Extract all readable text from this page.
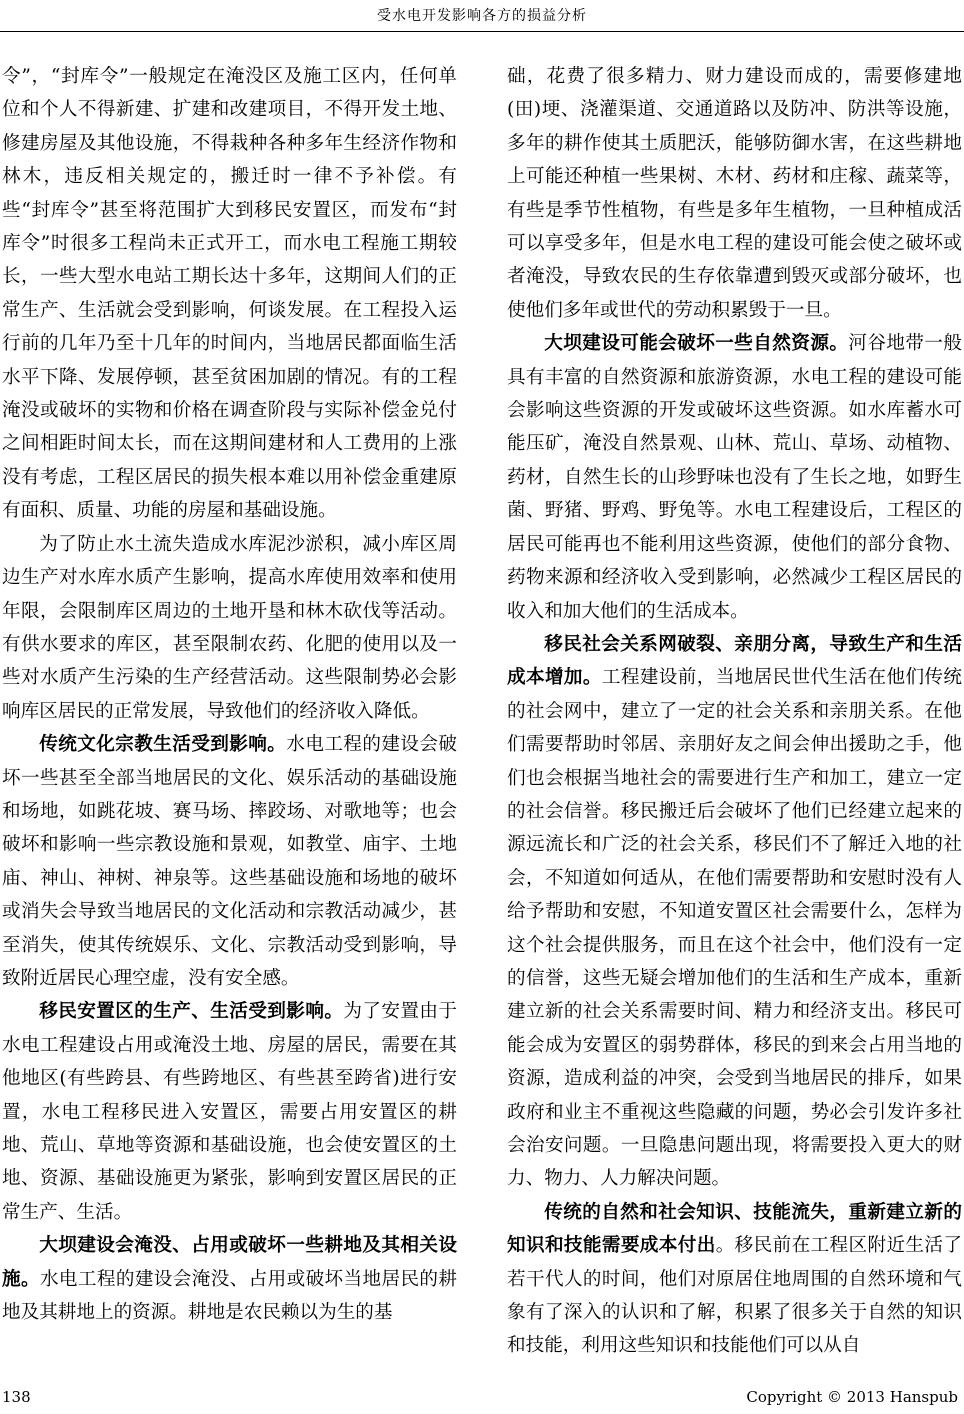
受水电开发影响各方的损益分析

令”，“封库令”一般规定在淹没区及施工区内，任何单位和个人不得新建、扩建和改建项目，不得开发土地、修建房屋及其他设施，不得栽种各种多年生经济作物和林木，违反相关规定的，搬迁时一律不予补偿。有些“封库令”甚至将范围扩大到移民安置区，而发布“封库令”时很多工程尚未正式开工，而水电工程施工期较长，一些大型水电站工期长达十多年，这期间人们的正常生产、生活就会受到影响，何谈发展。在工程投入运行前的几年乃至十几年的时间内，当地居民都面临生活水平下降、发展停顿，甚至贫困加剧的情况。有的工程淹没或破坏的实物和价格在调查阶段与实际补偿金兑付之间相距时间太长，而在这期间建材和人工费用的上涨没有考虑，工程区居民的损失根本难以用补偿金重建原有面积、质量、功能的房屋和基础设施。

为了防止水土流失造成水库泥沙淤积，减小库区周边生产对水库水质产生影响，提高水库使用效率和使用年限，会限制库区周边的土地开垦和林木砍伐等活动。有供水要求的库区，甚至限制农药、化肥的使用以及一些对水质产生污染的生产经营活动。这些限制势必会影响库区居民的正常发展，导致他们的经济收入降低。

传统文化宗教生活受到影响。水电工程的建设会破坏一些甚至全部当地居民的文化、娱乐活动的基础设施和场地，如跳花坡、赛马场、摔跤场、对歌地等；也会破坏和影响一些宗教设施和景观，如教堂、庙宇、土地庙、神山、神树、神泉等。这些基础设施和场地的破坏或消失会导致当地居民的文化活动和宗教活动减少，甚至消失，使其传统娱乐、文化、宗教活动受到影响，导致附近居民心理空虚，没有安全感。

移民安置区的生产、生活受到影响。为了安置由于水电工程建设占用或淹没土地、房屋的居民，需要在其他地区(有些跨县、有些跨地区、有些甚至跨省)进行安置，水电工程移民进入安置区，需要占用安置区的耕地、荒山、草地等资源和基础设施，也会使安置区的土地、资源、基础设施更为紧张，影响到安置区居民的正常生产、生活。

大坝建设会淹没、占用或破坏一些耕地及其相关设施。水电工程的建设会淹没、占用或破坏当地居民的耕地及其耕地上的资源。耕地是农民赖以为生的基

础，花费了很多精力、财力建设而成的，需要修建地(田)埂、浇灌渠道、交通道路以及防冲、防洪等设施，多年的耕作使其土质肥沃，能够防御水害，在这些耕地上可能还种植一些果树、木材、药材和庄稼、蔬菜等，有些是季节性植物，有些是多年生植物，一旦种植成活可以享受多年，但是水电工程的建设可能会使之破坏或者淹没，导致农民的生存依靠遭到毁灭或部分破坏，也使他们多年或世代的劳动积累毁于一旦。

大坝建设可能会破坏一些自然资源。河谷地带一般具有丰富的自然资源和旅游资源，水电工程的建设可能会影响这些资源的开发或破坏这些资源。如水库蓄水可能压矿，淹没自然景观、山林、荒山、草场、动植物、药材，自然生长的山珍野味也没有了生长之地，如野生菌、野猪、野鸡、野兔等。水电工程建设后，工程区的居民可能再也不能利用这些资源，使他们的部分食物、药物来源和经济收入受到影响，必然减少工程区居民的收入和加大他们的生活成本。

移民社会关系网破裂、亲朋分离，导致生产和生活成本增加。工程建设前，当地居民世代生活在他们传统的社会网中，建立了一定的社会关系和亲朋关系。在他们需要帮助时邻居、亲朋好友之间会伸出援助之手，他们也会根据当地社会的需要进行生产和加工，建立一定的社会信誉。移民搬迁后会破坏了他们已经建立起来的源远流长和广泛的社会关系，移民们不了解迁入地的社会，不知道如何适从，在他们需要帮助和安慰时没有人给予帮助和安慰，不知道安置区社会需要什么，怎样为这个社会提供服务，而且在这个社会中，他们没有一定的信誉，这些无疑会增加他们的生活和生产成本，重新建立新的社会关系需要时间、精力和经济支出。移民可能会成为安置区的弱势群体，移民的到来会占用当地的资源，造成利益的冲突，会受到当地居民的排斥，如果政府和业主不重视这些隐藏的问题，势必会引发许多社会治安问题。一旦隐患问题出现，将需要投入更大的财力、物力、人力解决问题。

传统的自然和社会知识、技能流失，重新建立新的知识和技能需要成本付出。移民前在工程区附近生活了若干代人的时间，他们对原居住地周围的自然环境和气象有了深入的认识和了解，积累了很多关于自然的知识和技能，利用这些知识和技能他们可以从自

138	Copyright © 2013 Hanspub
